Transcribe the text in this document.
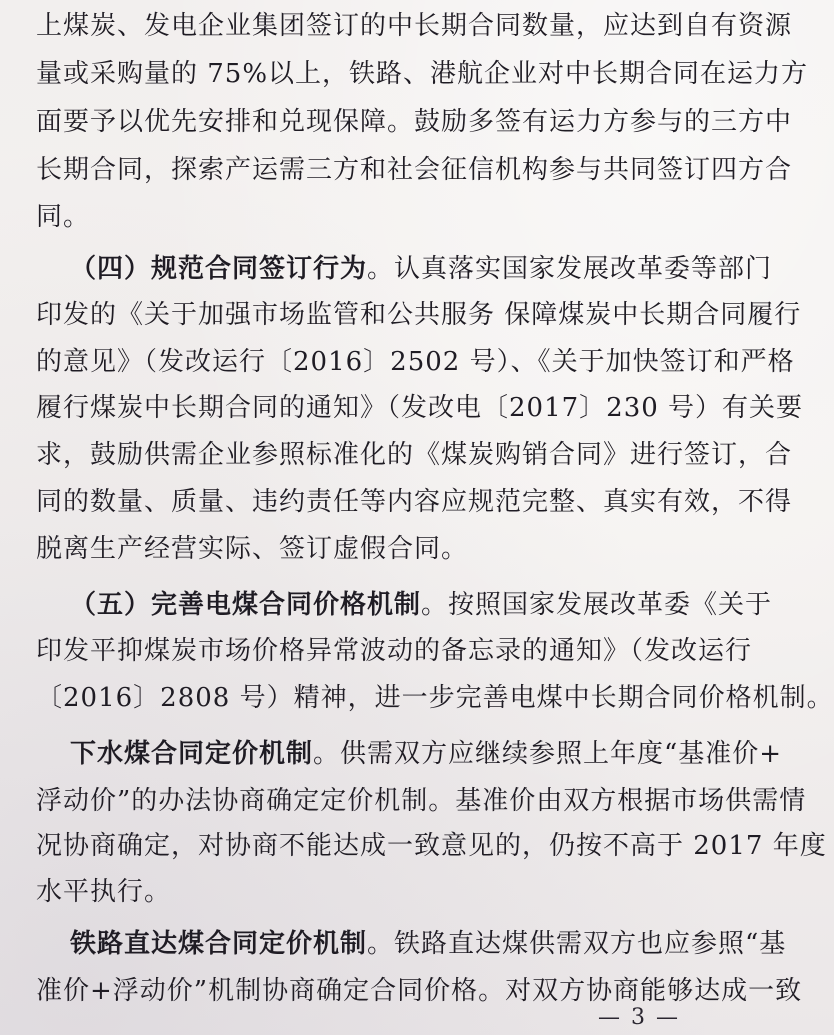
上煤炭、发电企业集团签订的中长期合同数量，应达到自有资源
量或采购量的 75%以上，铁路、港航企业对中长期合同在运力方
面要予以优先安排和兑现保障。鼓励多签有运力方参与的三方中
长期合同，探索产运需三方和社会征信机构参与共同签订四方合
同。
（四）规范合同签订行为。认真落实国家发展改革委等部门
印发的《关于加强市场监管和公共服务 保障煤炭中长期合同履行
的意见》（发改运行〔2016〕2502 号）、《关于加快签订和严格
履行煤炭中长期合同的通知》（发改电〔2017〕230 号）有关要
求，鼓励供需企业参照标准化的《煤炭购销合同》进行签订，合
同的数量、质量、违约责任等内容应规范完整、真实有效，不得
脱离生产经营实际、签订虚假合同。
（五）完善电煤合同价格机制。按照国家发展改革委《关于
印发平抑煤炭市场价格异常波动的备忘录的通知》（发改运行
〔2016〕2808 号）精神，进一步完善电煤中长期合同价格机制。
下水煤合同定价机制。供需双方应继续参照上年度“基准价+
浮动价”的办法协商确定定价机制。基准价由双方根据市场供需情
况协商确定，对协商不能达成一致意见的，仍按不高于 2017 年度
水平执行。
铁路直达煤合同定价机制。铁路直达煤供需双方也应参照“基
准价+浮动价”机制协商确定合同价格。对双方协商能够达成一致
— 3 —
